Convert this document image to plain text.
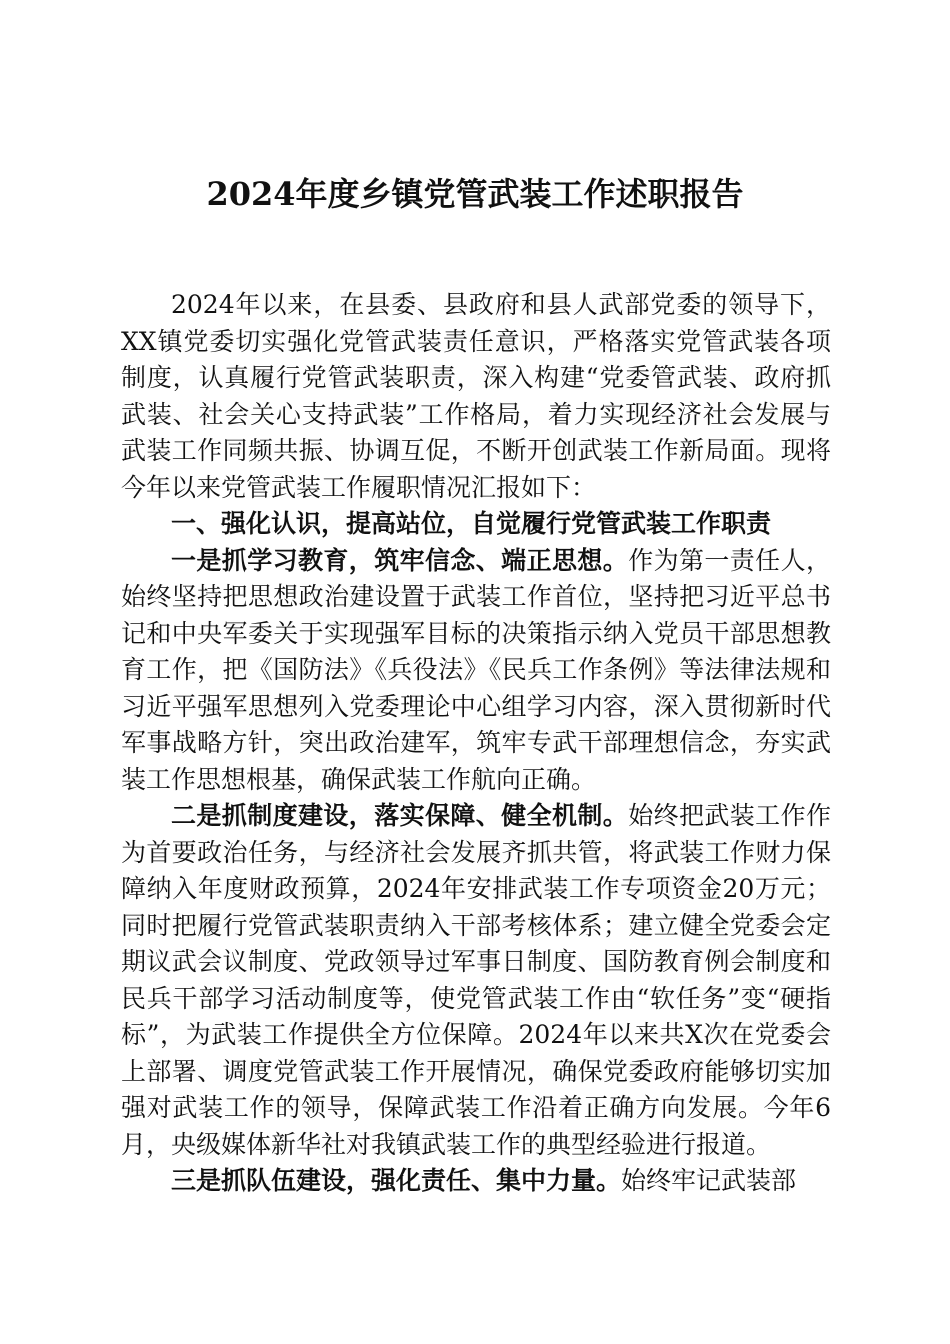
2024年度乡镇党管武装工作述职报告

2024年以来，在县委、县政府和县人武部党委的领导下，XX镇党委切实强化党管武装责任意识，严格落实党管武装各项制度，认真履行党管武装职责，深入构建“党委管武装、政府抓武装、社会关心支持武装”工作格局，着力实现经济社会发展与武装工作同频共振、协调互促，不断开创武装工作新局面。现将今年以来党管武装工作履职情况汇报如下：

一、强化认识，提高站位，自觉履行党管武装工作职责

一是抓学习教育，筑牢信念、端正思想。作为第一责任人，始终坚持把思想政治建设置于武装工作首位，坚持把习近平总书记和中央军委关于实现强军目标的决策指示纳入党员干部思想教育工作，把《国防法》《兵役法》《民兵工作条例》等法律法规和习近平强军思想列入党委理论中心组学习内容，深入贯彻新时代军事战略方针，突出政治建军，筑牢专武干部理想信念，夯实武装工作思想根基，确保武装工作航向正确。

二是抓制度建设，落实保障、健全机制。始终把武装工作作为首要政治任务，与经济社会发展齐抓共管，将武装工作财力保障纳入年度财政预算，2024年安排武装工作专项资金20万元；同时把履行党管武装职责纳入干部考核体系；建立健全党委会定期议武会议制度、党政领导过军事日制度、国防教育例会制度和民兵干部学习活动制度等，使党管武装工作由“软任务”变“硬指标”，为武装工作提供全方位保障。2024年以来共X次在党委会上部署、调度党管武装工作开展情况，确保党委政府能够切实加强对武装工作的领导，保障武装工作沿着正确方向发展。今年6月，央级媒体新华社对我镇武装工作的典型经验进行报道。

三是抓队伍建设，强化责任、集中力量。始终牢记武装部
